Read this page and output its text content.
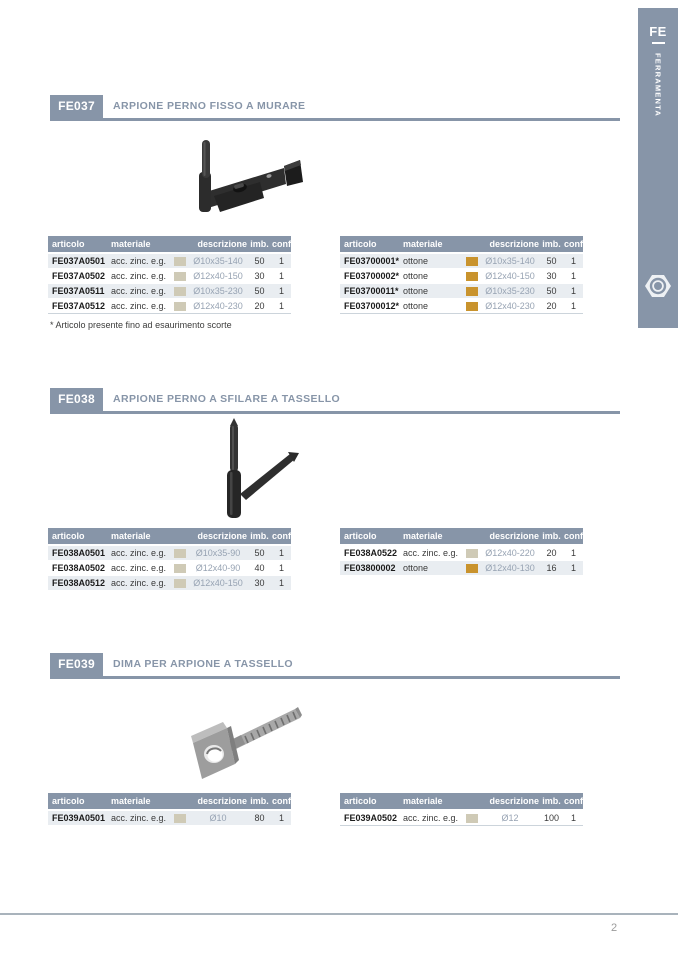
FE037	ARPIONE PERNO FISSO A MURARE
articolo	materiale	descrizione imb. conf.
FE037A0501 acc. zinc. e.g.	Ø10x35-140	50	1
FE037A0502 acc. zinc. e.g.	Ø12x40-150	30	1
FE037A0511 acc. zinc. e.g.	Ø10x35-230	50	1
FE037A0512 acc. zinc. e.g.	Ø12x40-230	20	1
articolo	materiale	descrizione imb. conf.
FE03700001* ottone	Ø10x35-140	50	1
FE03700002* ottone	Ø12x40-150	30	1
FE03700011* ottone	Ø10x35-230	50	1
FE03700012* ottone	Ø12x40-230	20	1
* Articolo presente fino ad esaurimento scorte
FE038	ARPIONE PERNO A SFILARE A TASSELLO
articolo	materiale	descrizione imb. conf.
FE038A0501 acc. zinc. e.g.	Ø10x35-90	50	1
FE038A0502 acc. zinc. e.g.	Ø12x40-90	40	1
FE038A0512 acc. zinc. e.g.	Ø12x40-150	30	1
articolo	materiale	descrizione imb. conf.
FE038A0522 acc. zinc. e.g.	Ø12x40-220	20	1
FE03800002 ottone	Ø12x40-130	16	1
FE039	DIMA PER ARPIONE A TASSELLO
articolo	materiale	descrizione imb. conf.
FE039A0501 acc. zinc. e.g.	Ø10	80	1
articolo	materiale	descrizione imb. conf.
FE039A0502 acc. zinc. e.g.	Ø12	100	1
FE
FERRAMENTA
2
